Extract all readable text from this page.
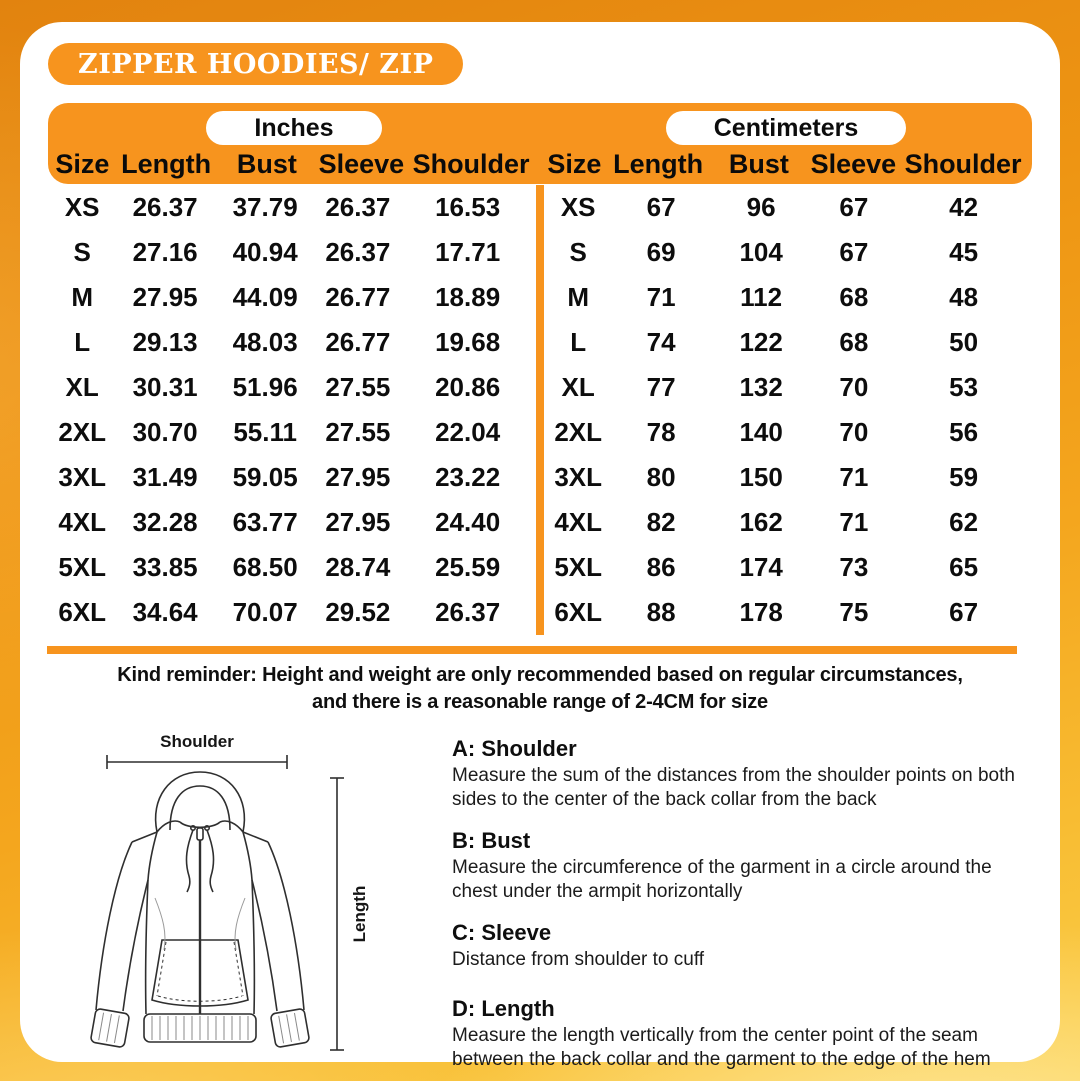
ZIPPER HOODIES/ ZIP
Inches
Size Length Bust Sleeve Shoulder
Centimeters
Size Length Bust Sleeve Shoulder
XS	26.37	37.79	26.37	16.53
S	27.16	40.94	26.37	17.71
M	27.95	44.09	26.77	18.89
L	29.13	48.03	26.77	19.68
XL	30.31	51.96	27.55	20.86
2XL	30.70	55.11	27.55	22.04
3XL	31.49	59.05	27.95	23.22
4XL	32.28	63.77	27.95	24.40
5XL	33.85	68.50	28.74	25.59
6XL	34.64	70.07	29.52	26.37
XS	67	96	67	42
S	69	104	67	45
M	71	112	68	48
L	74	122	68	50
XL	77	132	70	53
2XL	78	140	70	56
3XL	80	150	71	59
4XL	82	162	71	62
5XL	86	174	73	65
6XL	88	178	75	67
Kind reminder: Height and weight are only recommended based on regular circumstances,
and there is a reasonable range of 2-4CM for size
Shoulder
Length
A: Shoulder
Measure the sum of the distances from the shoulder points on both sides to the center of the back collar from the back
B: Bust
Measure the circumference of the garment in a circle around the chest under the armpit horizontally
C: Sleeve
Distance from shoulder to cuff
D: Length
Measure the length vertically from the center point of the seam between the back collar and the garment to the edge of the hem
